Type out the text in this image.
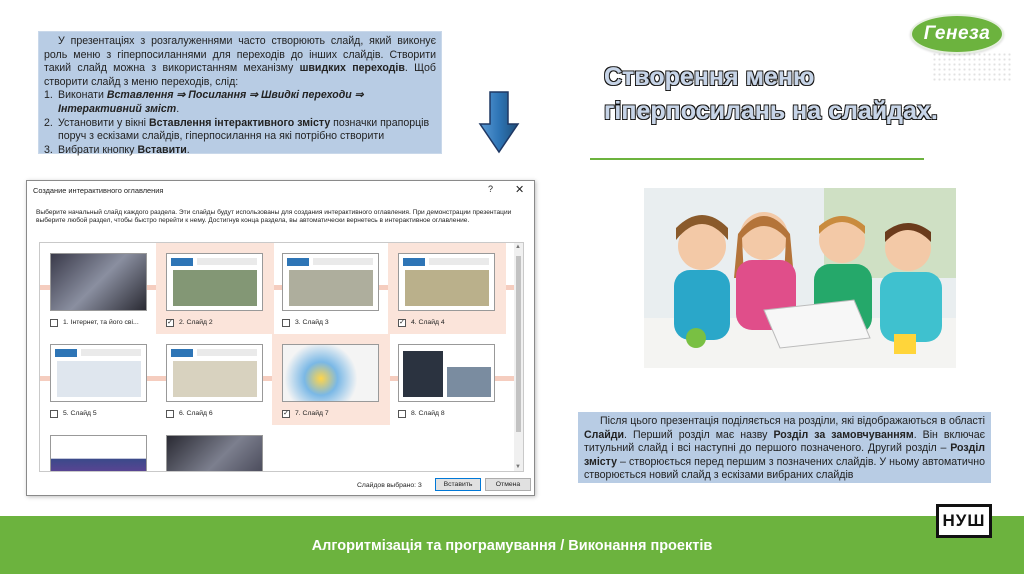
У презентаціях з розгалуженнями часто створюють слайд, який виконує роль меню з гіперпосиланнями для переходів до інших слайдів. Створити такий слайд можна з використанням механізму швидких переходів. Щоб створити слайд з меню переходів, слід:

1. Виконати Вставлення ⇒ Посилання ⇒ Швидкі переходи ⇒ Інтерактивний зміст.
2. Установити у вікні Вставлення інтерактивного змісту позначки прапорців поруч з ескізами слайдів, гіперпосилання на які потрібно створити
3. Вибрати кнопку Вставити.
Генеза
Створення меню
гіперпосилань на слайдах.

Після цього презентація поділяється на розділи, які відображаються в області Слайди. Перший розділ має назву Розділ за замовчуванням. Він включає титульний слайд і всі наступні до першого позначеного. Другий розділ – Розділ змісту – створюється перед першим з позначених слайдів. У ньому автоматично створюється новий слайд з ескізами вибраних слайдів

Создание интерактивного оглавления	? ✕
Выберите начальный слайд каждого раздела. Эти слайды будут использованы для создания интерактивного оглавления. При демонстрации презентации выберите любой раздел, чтобы быстро перейти к нему. Достигнув конца раздела, вы автоматически вернетесь в интерактивное оглавление.
1. Інтернет, та його сві...	✓ 2. Слайд 2	3. Слайд 3	✓ 4. Слайд 4
5. Слайд 5	6. Слайд 6	✓ 7. Слайд 7	8. Слайд 8
▲
▼
Слайдов выбрано: 3	Вставить	Отмена
Алгоритмізація та програмування / Виконання проектів
НУШ
